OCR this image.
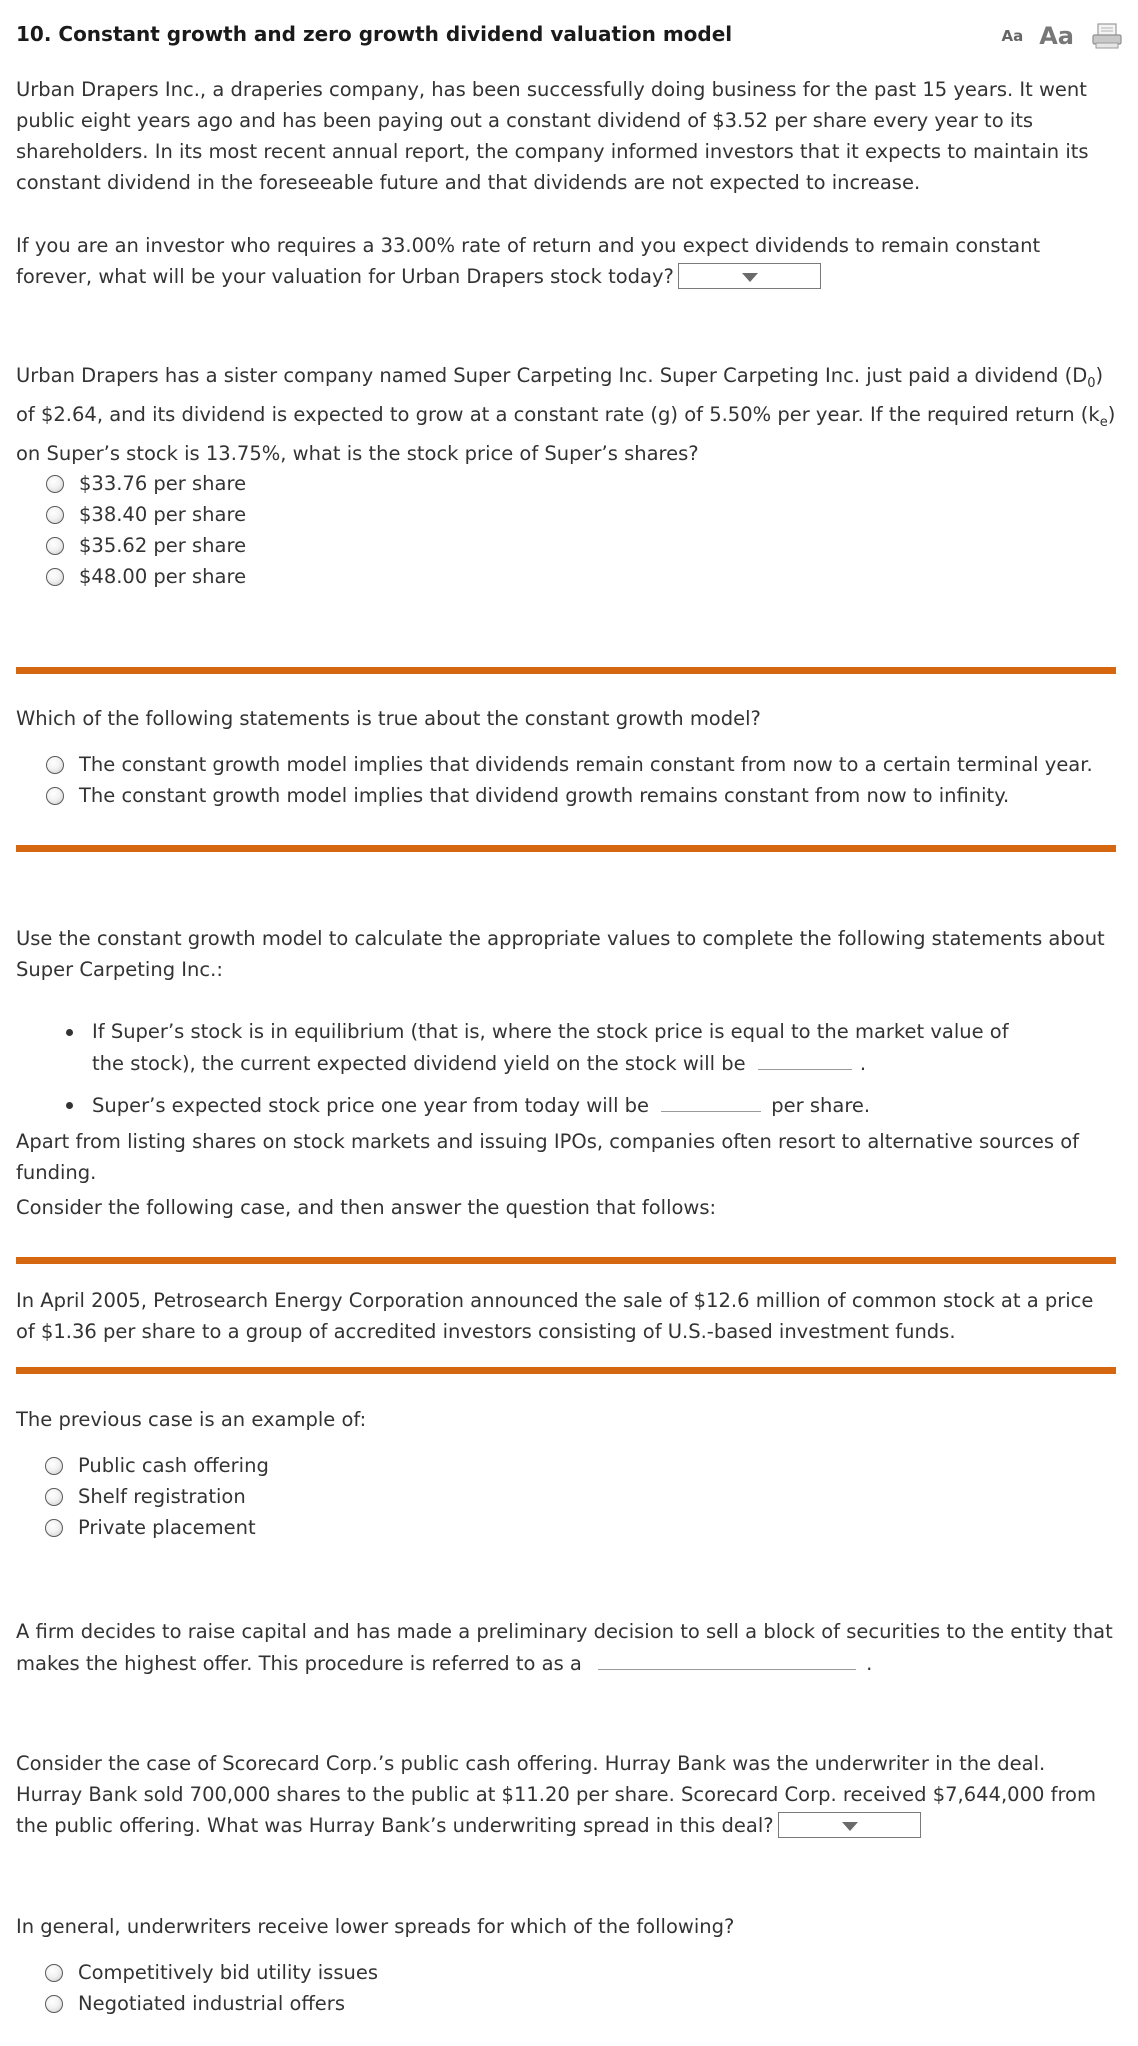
10. Constant growth and zero growth dividend valuation model	Aa Aa

Urban Drapers Inc., a draperies company, has been successfully doing business for the past 15 years. It went public eight years ago and has been paying out a constant dividend of $3.52 per share every year to its shareholders. In its most recent annual report, the company informed investors that it expects to maintain its constant dividend in the foreseeable future and that dividends are not expected to increase.

If you are an investor who requires a 33.00% rate of return and you expect dividends to remain constant forever, what will be your valuation for Urban Drapers stock today?
Urban Drapers has a sister company named Super Carpeting Inc. Super Carpeting Inc. just paid a dividend $(D_0)$ of $2.64, and its dividend is expected to grow at a constant rate (g) of 5.50% per year. If the required return $(k_e)$ on Super’s stock is 13.75%, what is the stock price of Super’s shares?
$33.76 per share
$38.40 per share
$35.62 per share
$48.00 per share
Which of the following statements is true about the constant growth model?
The constant growth model implies that dividends remain constant from now to a certain terminal year.
The constant growth model implies that dividend growth remains constant from now to infinity.
Use the constant growth model to calculate the appropriate values to complete the following statements about Super Carpeting Inc.:
If Super’s stock is in equilibrium (that is, where the stock price is equal to the market value of
the stock), the current expected dividend yield on the stock will be	.
Super’s expected stock price one year from today will be	per share.
Apart from listing shares on stock markets and issuing IPOs, companies often resort to alternative sources of funding.
Consider the following case, and then answer the question that follows:
In April 2005, Petrosearch Energy Corporation announced the sale of $12.6 million of common stock at a price of $1.36 per share to a group of accredited investors consisting of U.S.-based investment funds.
The previous case is an example of:
Public cash offering
Shelf registration
Private placement
A firm decides to raise capital and has made a preliminary decision to sell a block of securities to the entity that makes the highest offer. This procedure is referred to as a	.
Consider the case of Scorecard Corp.’s public cash offering. Hurray Bank was the underwriter in the deal. Hurray Bank sold 700,000 shares to the public at $11.20 per share. Scorecard Corp. received $7,644,000 from the public offering. What was Hurray Bank’s underwriting spread in this deal?
In general, underwriters receive lower spreads for which of the following?
Competitively bid utility issues
Negotiated industrial offers
